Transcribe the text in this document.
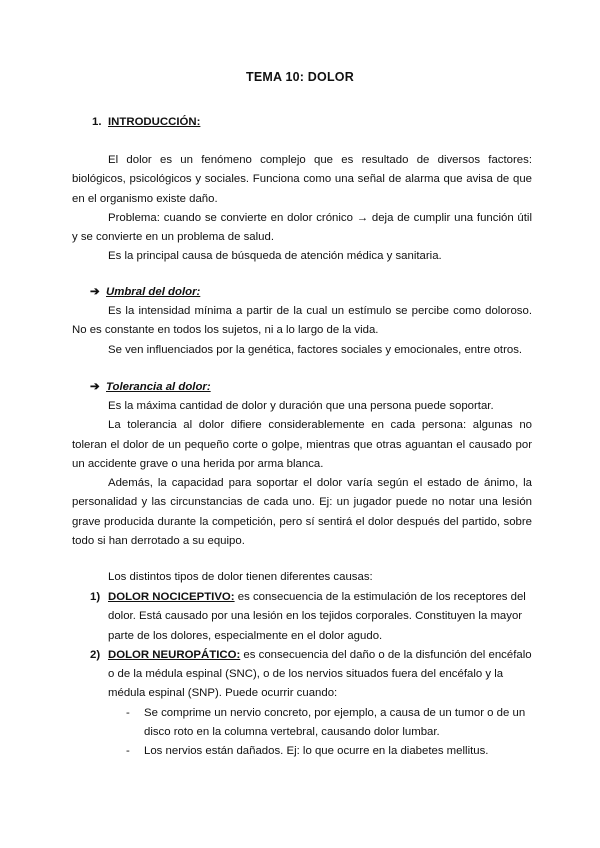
TEMA 10: DOLOR
1. INTRODUCCIÓN:

El dolor es un fenómeno complejo que es resultado de diversos factores: biológicos, psicológicos y sociales. Funciona como una señal de alarma que avisa de que en el organismo existe daño.

Problema: cuando se convierte en dolor crónico → deja de cumplir una función útil y se convierte en un problema de salud.

Es la principal causa de búsqueda de atención médica y sanitaria.

➔ Umbral del dolor:

Es la intensidad mínima a partir de la cual un estímulo se percibe como doloroso. No es constante en todos los sujetos, ni a lo largo de la vida.

Se ven influenciados por la genética, factores sociales y emocionales, entre otros.

➔ Tolerancia al dolor:

Es la máxima cantidad de dolor y duración que una persona puede soportar.

La tolerancia al dolor difiere considerablemente en cada persona: algunas no toleran el dolor de un pequeño corte o golpe, mientras que otras aguantan el causado por un accidente grave o una herida por arma blanca.

Además, la capacidad para soportar el dolor varía según el estado de ánimo, la personalidad y las circunstancias de cada uno. Ej: un jugador puede no notar una lesión grave producida durante la competición, pero sí sentirá el dolor después del partido, sobre todo si han derrotado a su equipo.

Los distintos tipos de dolor tienen diferentes causas:

1) DOLOR NOCICEPTIVO: es consecuencia de la estimulación de los receptores del dolor. Está causado por una lesión en los tejidos corporales. Constituyen la mayor parte de los dolores, especialmente en el dolor agudo.
2) DOLOR NEUROPÁTICO: es consecuencia del daño o de la disfunción del encéfalo o de la médula espinal (SNC), o de los nervios situados fuera del encéfalo y la médula espinal (SNP). Puede ocurrir cuando:
- Se comprime un nervio concreto, por ejemplo, a causa de un tumor o de un disco roto en la columna vertebral, causando dolor lumbar.
- Los nervios están dañados. Ej: lo que ocurre en la diabetes mellitus.
